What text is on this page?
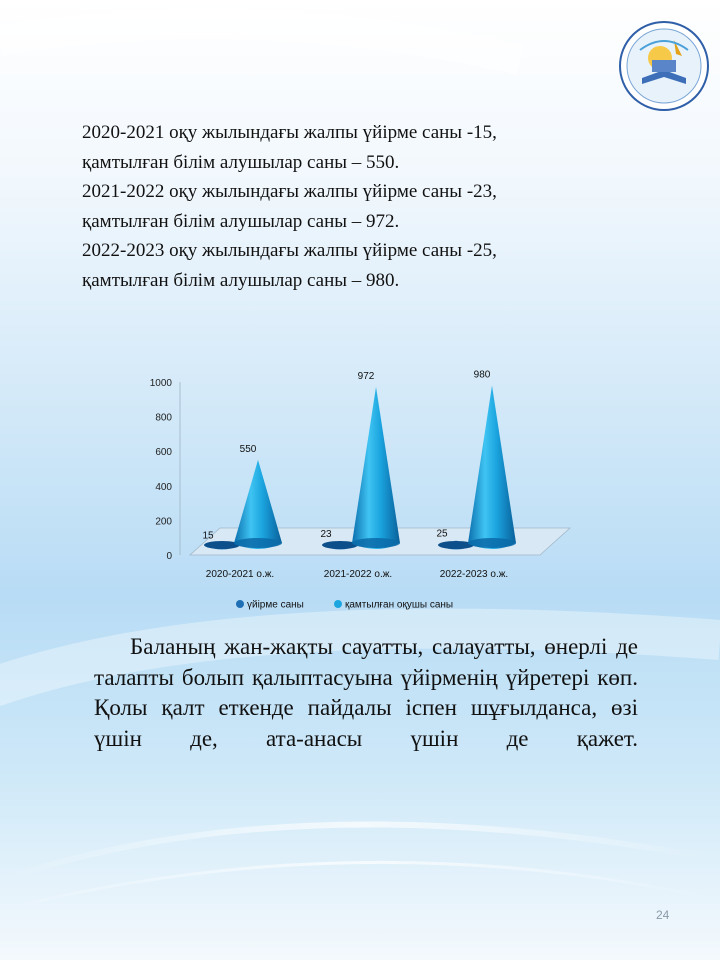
2020-2021 оқу жылындағы жалпы үйірме саны -15,

қамтылған білім алушылар саны – 550.

2021-2022 оқу жылындағы жалпы үйірме саны -23,

қамтылған білім алушылар саны – 972.

2022-2023 оқу жылындағы жалпы үйірме саны -25,

қамтылған білім алушылар саны – 980.

0
200
400
600
800
1000
15
550
2020-2021 о.ж.
23
972
2021-2022 о.ж.
25
980
2022-2023 о.ж.
үйірме саны	қамтылған оқушы саны
Баланың жан-жақты сауатты, салауатты, өнерлі де талапты болып қалыптасуына үйірменің үйретері көп. Қолы қалт еткенде пайдалы іспен шұғылданса, өзі үшін де, ата-анасы үшін де қажет.
24
